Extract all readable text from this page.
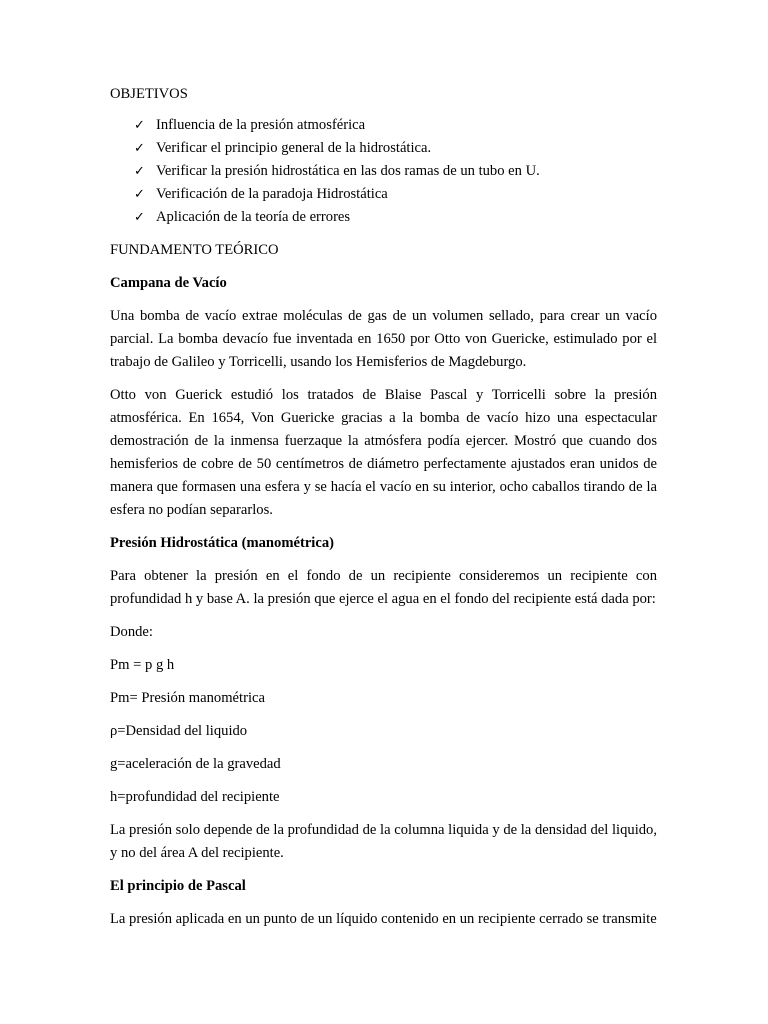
OBJETIVOS

✓ Influencia de la presión atmosférica
✓ Verificar el principio general de la hidrostática.
✓ Verificar la presión hidrostática en las dos ramas de un tubo en U.
✓ Verificación de la paradoja Hidrostática
✓ Aplicación de la teoría de errores

FUNDAMENTO TEÓRICO

Campana de Vacío

Una bomba de vacío extrae moléculas de gas de un volumen sellado, para crear un vacío parcial. La bomba devacío fue inventada en 1650 por Otto von Guericke, estimulado por el trabajo de Galileo y Torricelli, usando los Hemisferios de Magdeburgo.

Otto von Guerick estudió los tratados de Blaise Pascal y Torricelli sobre la presión atmosférica. En 1654, Von Guericke gracias a la bomba de vacío hizo una espectacular demostración de la inmensa fuerzaque la atmósfera podía ejercer. Mostró que cuando dos hemisferios de cobre de 50 centímetros de diámetro perfectamente ajustados eran unidos de manera que formasen una esfera y se hacía el vacío en su interior, ocho caballos tirando de la esfera no podían separarlos.

Presión Hidrostática (manométrica)

Para obtener la presión en el fondo de un recipiente consideremos un recipiente con profundidad h y base A. la presión que ejerce el agua en el fondo del recipiente está dada por:

Donde:

Pm = p g h

Pm= Presión manométrica

ρ=Densidad del liquido

g=aceleración de la gravedad

h=profundidad del recipiente

La presión solo depende de la profundidad de la columna liquida y de la densidad del liquido, y no del área A del recipiente.

El principio de Pascal

La presión aplicada en un punto de un líquido contenido en un recipiente cerrado se transmite
